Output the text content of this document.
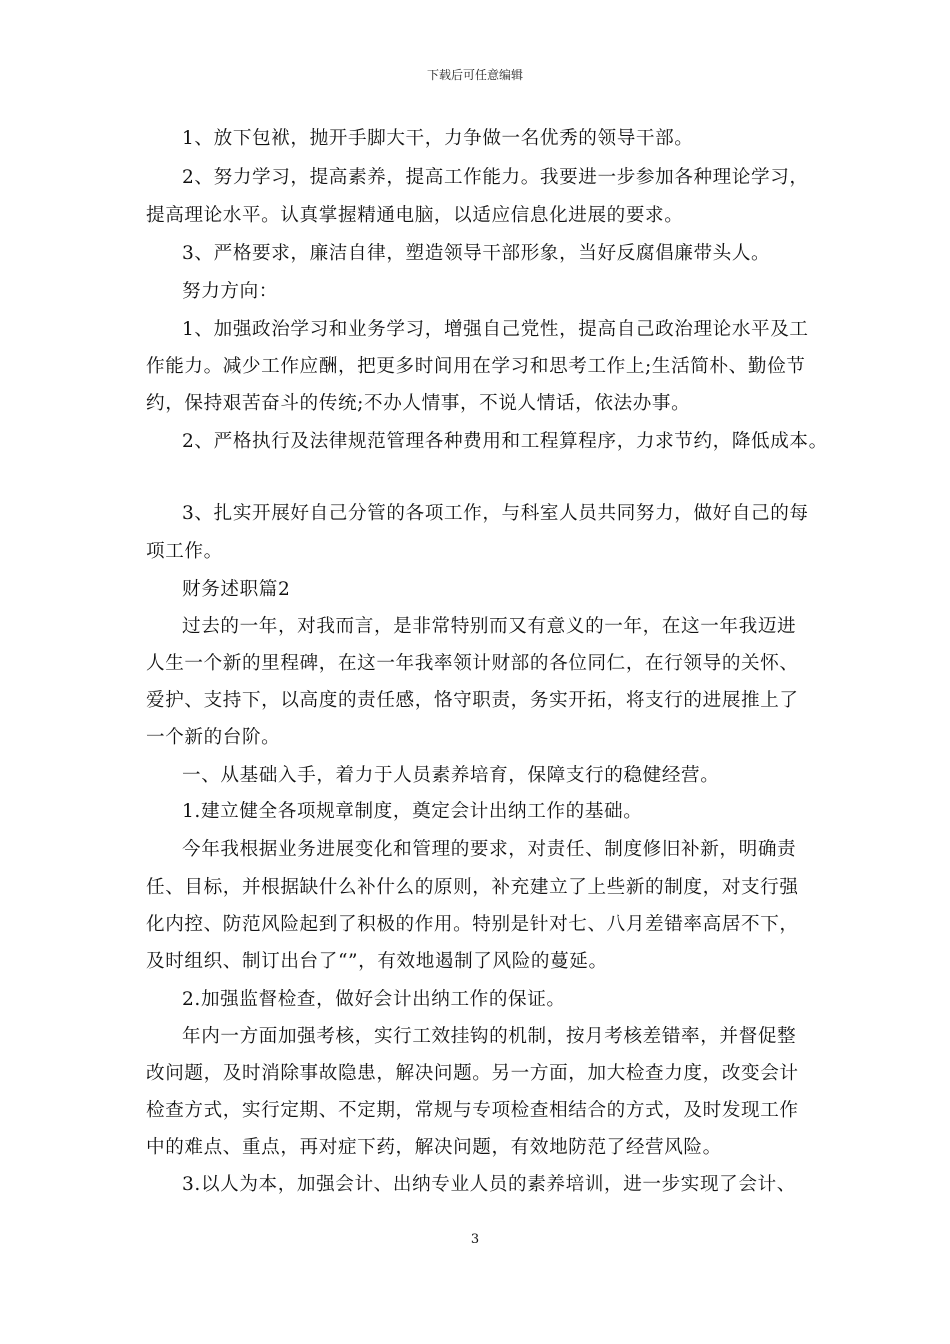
下载后可任意编辑
1、放下包袱，抛开手脚大干，力争做一名优秀的领导干部。
2、努力学习，提高素养，提高工作能力。我要进一步参加各种理论学习，
提高理论水平。认真掌握精通电脑，以适应信息化进展的要求。
3、严格要求，廉洁自律，塑造领导干部形象，当好反腐倡廉带头人。
努力方向：
1、加强政治学习和业务学习，增强自己党性，提高自己政治理论水平及工
作能力。减少工作应酬，把更多时间用在学习和思考工作上;生活简朴、勤俭节
约，保持艰苦奋斗的传统;不办人情事，不说人情话，依法办事。
2、严格执行及法律规范管理各种费用和工程算程序，力求节约，降低成本。
3、扎实开展好自己分管的各项工作，与科室人员共同努力，做好自己的每
项工作。
财务述职篇2
过去的一年，对我而言，是非常特别而又有意义的一年，在这一年我迈进
人生一个新的里程碑，在这一年我率领计财部的各位同仁，在行领导的关怀、
爱护、支持下，以高度的责任感，恪守职责，务实开拓，将支行的进展推上了
一个新的台阶。
一、从基础入手，着力于人员素养培育，保障支行的稳健经营。
1.建立健全各项规章制度，奠定会计出纳工作的基础。
今年我根据业务进展变化和管理的要求，对责任、制度修旧补新，明确责
任、目标，并根据缺什么补什么的原则，补充建立了上些新的制度，对支行强
化内控、防范风险起到了积极的作用。特别是针对七、八月差错率高居不下，
及时组织、制订出台了“”，有效地遏制了风险的蔓延。
2.加强监督检查，做好会计出纳工作的保证。
年内一方面加强考核，实行工效挂钩的机制，按月考核差错率，并督促整
改问题，及时消除事故隐患，解决问题。另一方面，加大检查力度，改变会计
检查方式，实行定期、不定期，常规与专项检查相结合的方式，及时发现工作
中的难点、重点，再对症下药，解决问题，有效地防范了经营风险。
3.以人为本，加强会计、出纳专业人员的素养培训，进一步实现了会计、
3
